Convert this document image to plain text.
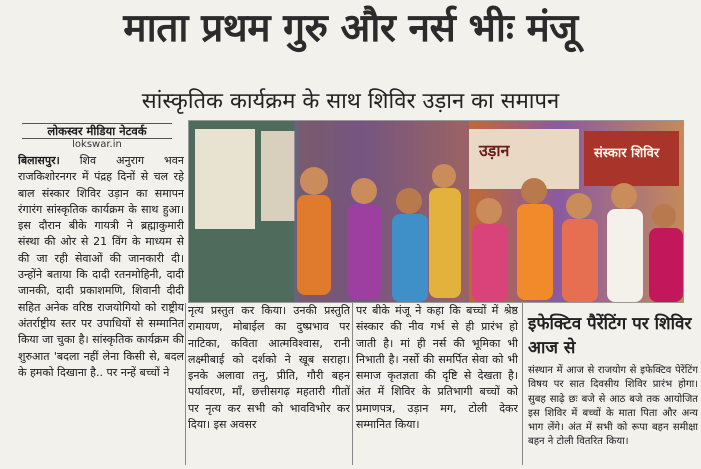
माता प्रथम गुरु और नर्स भीः मंजू
सांस्कृतिक कार्यक्रम के साथ शिविर उड़ान का समापन
लोकस्वर मीडिया नेटवर्क
lokswar.in	उड़ान	संस्कार शिविर
बिलासपुर। शिव अनुराग भवन राजकिशोरनगर में पंद्रह दिनों से चल रहे बाल संस्कार शिविर उड़ान का समापन रंगारंग सांस्कृतिक कार्यक्रम के साथ हुआ। इस दौरान बीके गायत्री ने ब्रह्माकुमारी संस्था की ओर से 21 विंग के माध्यम से की जा रही सेवाओं की जानकारी दी। उन्होंने बताया कि दादी रतनमोहिनी, दादी जानकी, दादी प्रकाशमणि, शिवानी दीदी सहित अनेक वरिष्ठ राजयोगियो को राष्ट्रीय अंतर्राष्ट्रीय स्तर पर उपाधियों से सम्मानित किया जा चुका है। सांस्कृतिक कार्यक्रम की शुरुआत 'बदला नहीं लेना किसी से, बदल के हमको दिखाना है.. पर नन्हें बच्चों ने
नृत्य प्रस्तुत कर किया। उनकी प्रस्तुति रामायण, मोबाईल का दुष्प्रभाव पर नाटिका, कविता आत्मविश्वास, रानी लक्ष्मीबाई को दर्शको ने खूब सराहा। इनके अलावा तनु, प्रीति, गौरी बहन पर्यावरण, माँ, छत्तीसगढ़ महतारी गीतों पर नृत्य कर सभी को भावविभोर कर दिया। इस अवसर
पर बीके मंजू ने कहा कि बच्चों में श्रेष्ठ संस्कार की नीव गर्भ से ही प्रारंभ हो जाती है। मां ही नर्स की भूमिका भी निभाती है। नर्सो की समर्पित सेवा को भी समाज कृतज्ञता की दृष्टि से देखता है। अंत में शिविर के प्रतिभागी बच्चों को प्रमाणपत्र, उड़ान मग, टोली देकर सम्मानित किया।
इफेक्टिव पैरेंटिंग पर शिविर आज से
संस्थान में आज से राजयोग से इफेक्टिव पेरेंटिंग विषय पर सात दिवसीय शिविर प्रारंभ होगा। सुबह साढ़े छः बजे से आठ बजे तक आयोजित इस शिविर में बच्चों के माता पिता और अन्य भाग लेंगे। अंत में सभी को रूपा बहन समीक्षा बहन ने टोली वितरित किया।
